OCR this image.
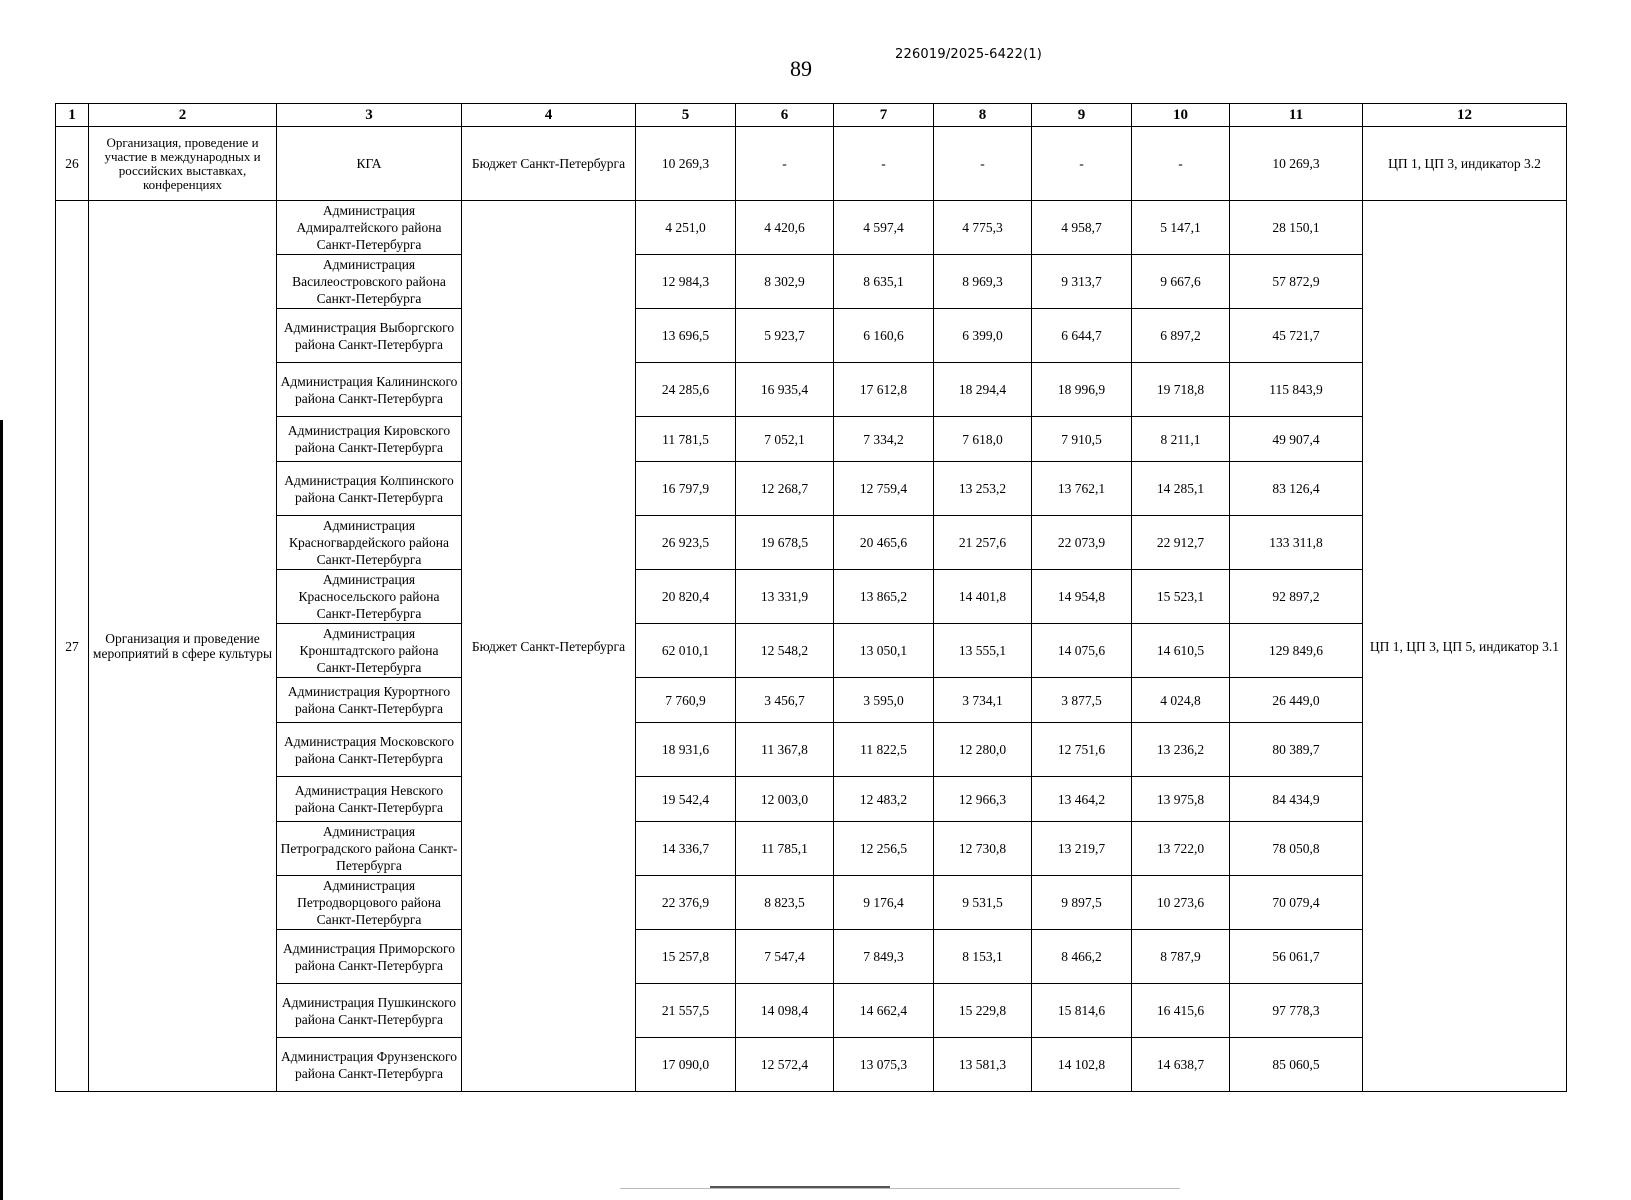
89
226019/2025-6422(1)
1	2	3	4	5	6	7	8	9	10	11	12
26	Организация, проведение и участие в международных и российских выставках, конференциях	КГА	Бюджет Санкт-Петербурга	10 269,3	-	-	-	-	-	10 269,3	ЦП 1, ЦП 3, индикатор 3.2
27	Организация и проведение мероприятий в сфере культуры	Администрация Адмиралтейского района Санкт-Петербурга	Бюджет Санкт-Петербурга	4 251,0	4 420,6	4 597,4	4 775,3	4 958,7	5 147,1	28 150,1	ЦП 1, ЦП 3, ЦП 5, индикатор 3.1
		Администрация Василеостровского района Санкт-Петербурга		12 984,3	8 302,9	8 635,1	8 969,3	9 313,7	9 667,6	57 872,9	
		Администрация Выборгского района Санкт-Петербурга		13 696,5	5 923,7	6 160,6	6 399,0	6 644,7	6 897,2	45 721,7	
		Администрация Калининского района Санкт-Петербурга		24 285,6	16 935,4	17 612,8	18 294,4	18 996,9	19 718,8	115 843,9	
		Администрация Кировского района Санкт-Петербурга		11 781,5	7 052,1	7 334,2	7 618,0	7 910,5	8 211,1	49 907,4	
		Администрация Колпинского района Санкт-Петербурга		16 797,9	12 268,7	12 759,4	13 253,2	13 762,1	14 285,1	83 126,4	
		Администрация Красногвардейского района Санкт-Петербурга		26 923,5	19 678,5	20 465,6	21 257,6	22 073,9	22 912,7	133 311,8	
		Администрация Красносельского района Санкт-Петербурга		20 820,4	13 331,9	13 865,2	14 401,8	14 954,8	15 523,1	92 897,2	
		Администрация Кронштадтского района Санкт-Петербурга		62 010,1	12 548,2	13 050,1	13 555,1	14 075,6	14 610,5	129 849,6	
		Администрация Курортного района Санкт-Петербурга		7 760,9	3 456,7	3 595,0	3 734,1	3 877,5	4 024,8	26 449,0	
		Администрация Московского района Санкт-Петербурга		18 931,6	11 367,8	11 822,5	12 280,0	12 751,6	13 236,2	80 389,7	
		Администрация Невского района Санкт-Петербурга		19 542,4	12 003,0	12 483,2	12 966,3	13 464,2	13 975,8	84 434,9	
		Администрация Петроградского района Санкт-Петербурга		14 336,7	11 785,1	12 256,5	12 730,8	13 219,7	13 722,0	78 050,8	
		Администрация Петродворцового района Санкт-Петербурга		22 376,9	8 823,5	9 176,4	9 531,5	9 897,5	10 273,6	70 079,4	
		Администрация Приморского района Санкт-Петербурга		15 257,8	7 547,4	7 849,3	8 153,1	8 466,2	8 787,9	56 061,7	
		Администрация Пушкинского района Санкт-Петербурга		21 557,5	14 098,4	14 662,4	15 229,8	15 814,6	16 415,6	97 778,3	
		Администрация Фрунзенского района Санкт-Петербурга		17 090,0	12 572,4	13 075,3	13 581,3	14 102,8	14 638,7	85 060,5	
